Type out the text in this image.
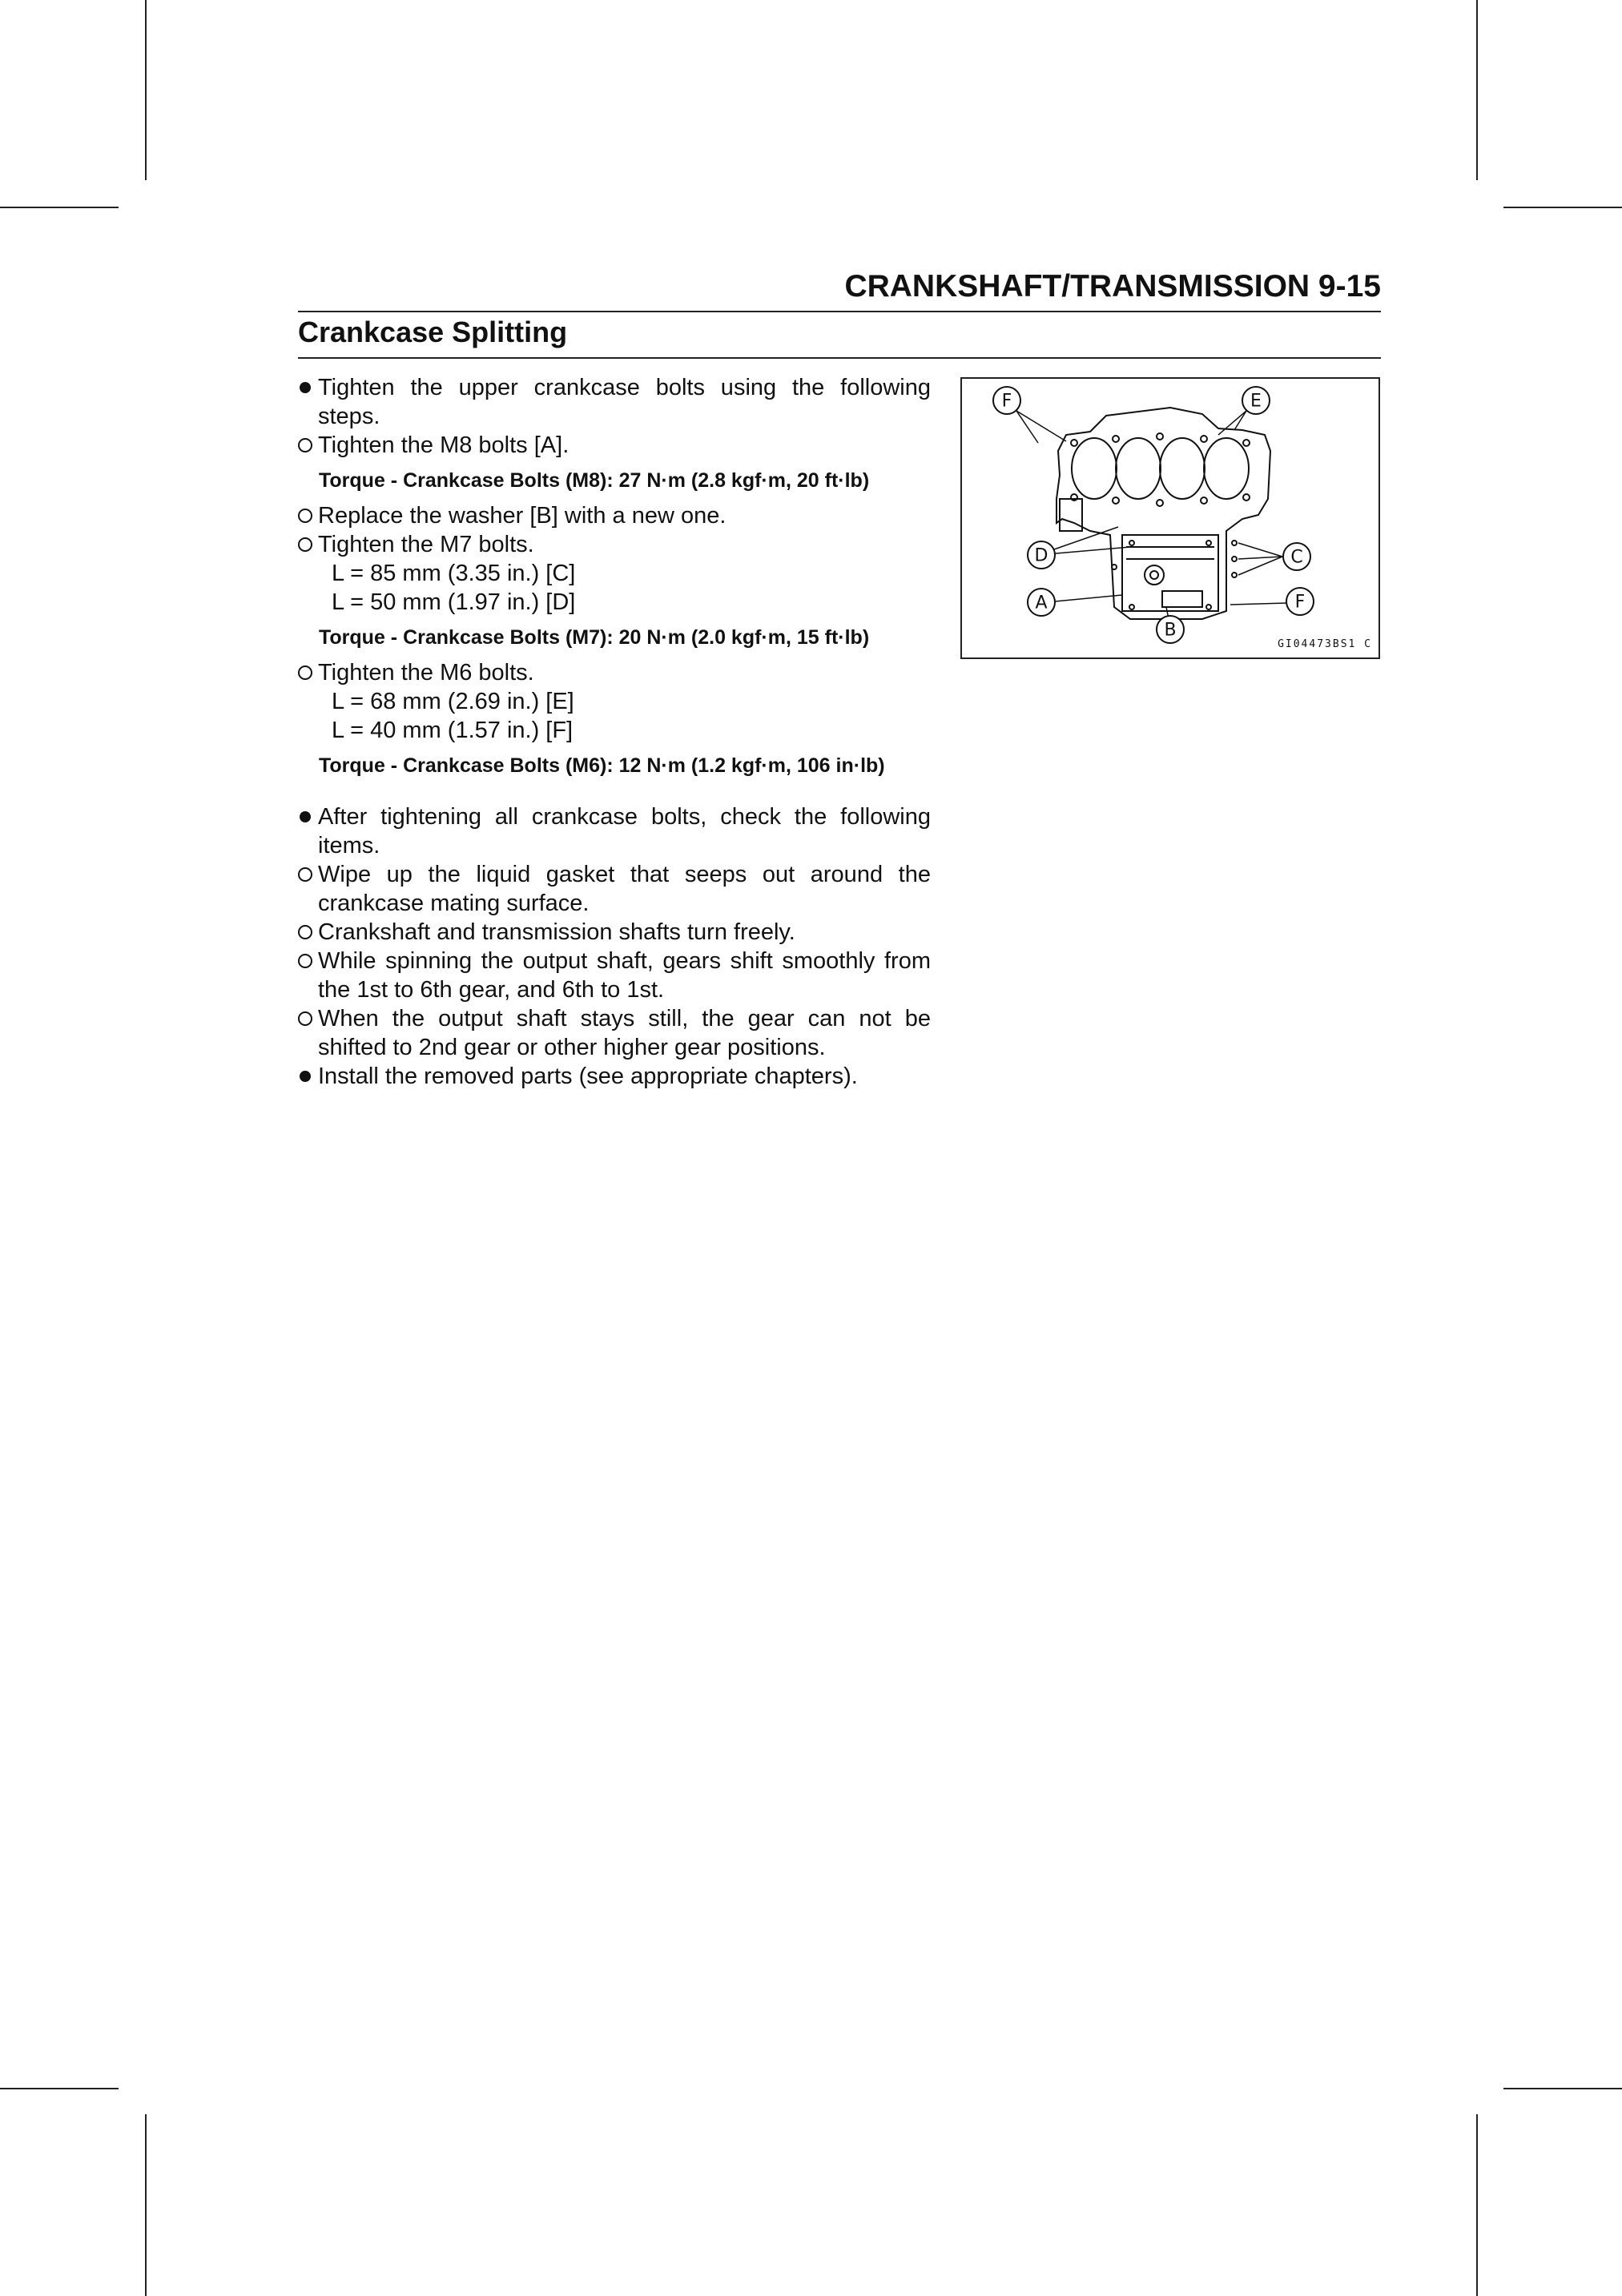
CRANKSHAFT/TRANSMISSION 9-15
Crankcase Splitting
Tighten the upper crankcase bolts using the following steps.
Tighten the M8 bolts [A].
Torque - Crankcase Bolts (M8): 27 N·m (2.8 kgf·m, 20 ft·lb)
Replace the washer [B] with a new one.
Tighten the M7 bolts.
L = 85 mm (3.35 in.) [C]
L = 50 mm (1.97 in.) [D]
Torque - Crankcase Bolts (M7): 20 N·m (2.0 kgf·m, 15 ft·lb)
Tighten the M6 bolts.
L = 68 mm (2.69 in.) [E]
L = 40 mm (1.57 in.) [F]
Torque - Crankcase Bolts (M6): 12 N·m (1.2 kgf·m, 106 in·lb)
After tightening all crankcase bolts, check the following items.
Wipe up the liquid gasket that seeps out around the crankcase mating surface.
Crankshaft and transmission shafts turn freely.
While spinning the output shaft, gears shift smoothly from the 1st to 6th gear, and 6th to 1st.
When the output shaft stays still, the gear can not be shifted to 2nd gear or other higher gear positions.
Install the removed parts (see appropriate chapters).
F	E
D	C
A	F
B
GI04473BS1 C
